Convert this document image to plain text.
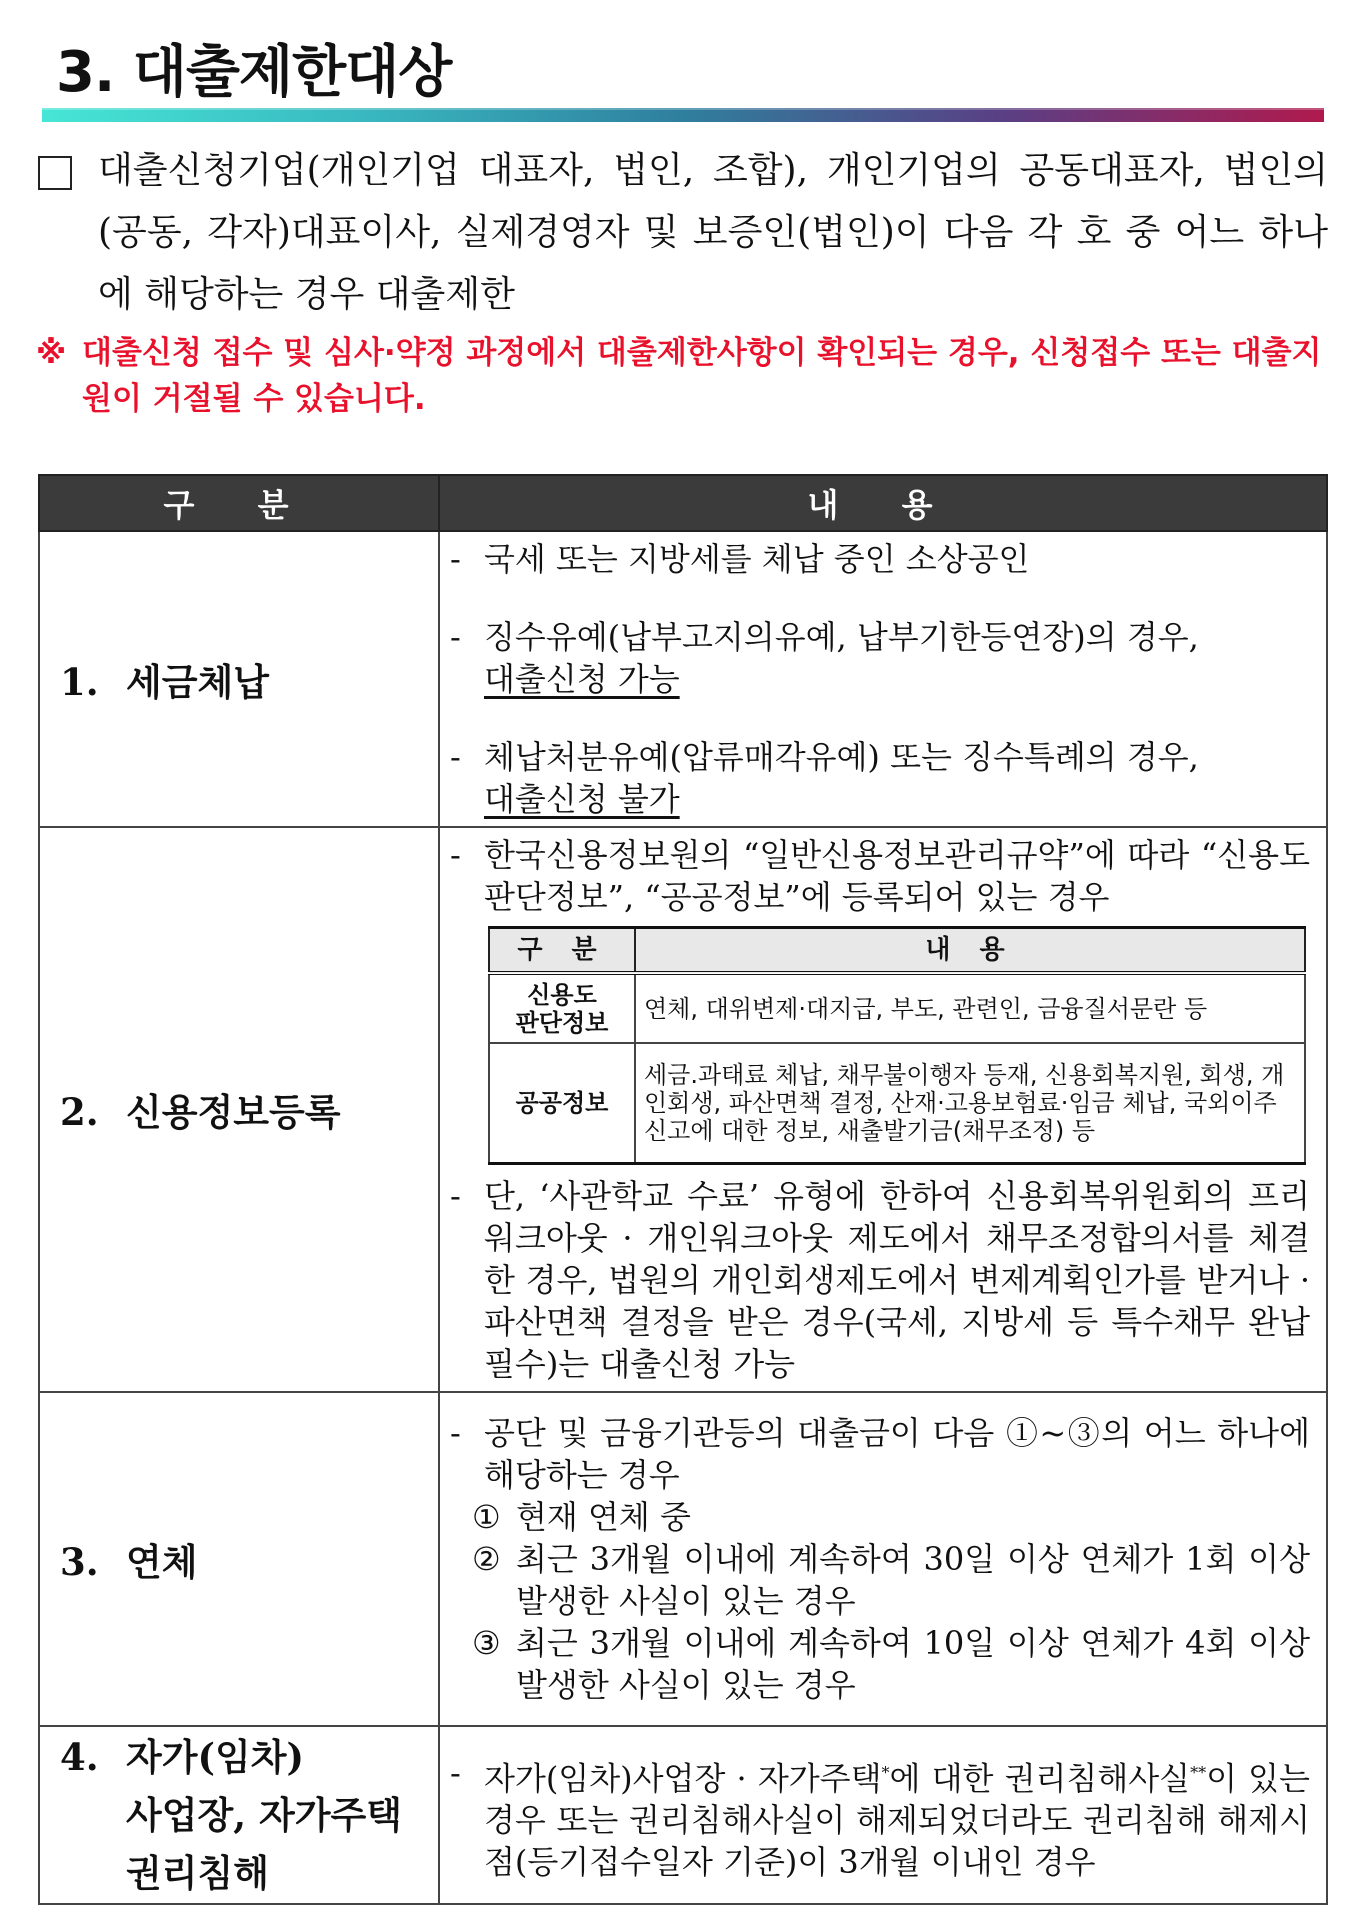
3. 대출제한대상
대출신청기업(개인기업 대표자, 법인, 조합), 개인기업의 공동대표자, 법인의(공동, 각자)대표이사, 실제경영자 및 보증인(법인)이 다음 각 호 중 어느 하나에 해당하는 경우 대출제한
※ 대출신청 접수 및 심사·약정 과정에서 대출제한사항이 확인되는 경우, 신청접수 또는 대출지원이 거절될 수 있습니다.
구 분	내 용
1. 세금체납	
- 국세 또는 지방세를 체납 중인 소상공인
- 징수유예(납부고지의유예, 납부기한등연장)의 경우,
대출신청 가능
- 체납처분유예(압류매각유예) 또는 징수특례의 경우,
대출신청 불가

2. 신용정보등록	
- 한국신용정보원의 “일반신용정보관리규약”에 따라 “신용도판단정보”, “공공정보”에 등록되어 있는 경우
구 분	내 용
신용도
판단정보	연체, 대위변제·대지급, 부도, 관련인, 금융질서문란 등
공공정보	세금.과태료 체납, 채무불이행자 등재, 신용회복지원, 회생, 개인회생, 파산면책 결정, 산재·고용보험료·임금 체납, 국외이주신고에 대한 정보, 새출발기금(채무조정) 등
- 단, ‘사관학교 수료’ 유형에 한하여 신용회복위원회의 프리워크아웃 · 개인워크아웃 제도에서 채무조정합의서를 체결한 경우, 법원의 개인회생제도에서 변제계획인가를 받거나 · 파산면책 결정을 받은 경우(국세, 지방세 등 특수채무 완납 필수)는 대출신청 가능

3. 연체	
- 공단 및 금융기관등의 대출금이 다음 ①~③의 어느 하나에 해당하는 경우
① 현재 연체 중
② 최근 3개월 이내에 계속하여 30일 이상 연체가 1회 이상 발생한 사실이 있는 경우
③ 최근 3개월 이내에 계속하여 10일 이상 연체가 4회 이상 발생한 사실이 있는 경우

4. 자가(임차)
사업장, 자가주택
권리침해	
- 자가(임차)사업장 · 자가주택*에 대한 권리침해사실**이 있는 경우 또는 권리침해사실이 해제되었더라도 권리침해 해제시점(등기접수일자 기준)이 3개월 이내인 경우
